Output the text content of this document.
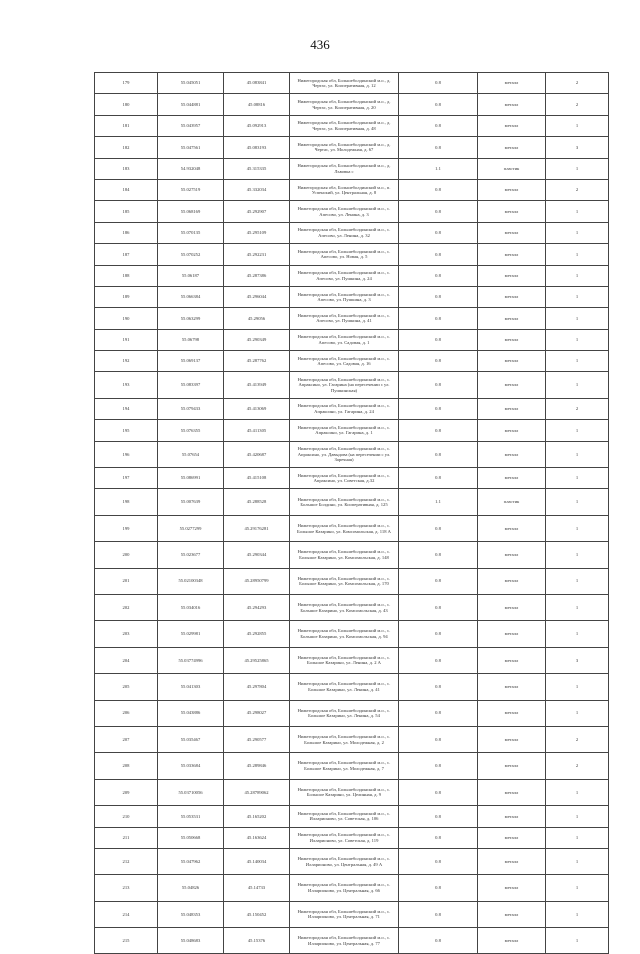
436
179	55.045051	45.083841	Нижегородская обл, Большеболдинский м.о., д. Чертас, ул. Кооперативная, д. 12	0.8	металл	2
180	55.044881	45.08816	Нижегородская обл, Большеболдинский м.о., д. Чертас, ул. Кооперативная, д. 20	0.8	металл	2
181	55.043957	45.092913	Нижегородская обл, Большеболдинский м.о., д. Чертас, ул. Кооперативная, д. 48	0.8	металл	1
182	55.047561	45.083193	Нижегородская обл, Большеболдинский м.о., д. Чертас, ул. Молодежная, д. 67	0.8	металл	3
183	54.932048	45.315335	Нижегородская обл, Большеболдинский м.о., д. Львовка с	1.1	пластик	1
184	55.027519	45.332034	Нижегородская обл, Большеболдинский м.о., п. Успенский, ул. Центральная, д. 8	0.8	металл	2
185	55.068169	45.292907	Нижегородская обл, Большеболдинский м.о., с. Апесово, ул. Ленина, д. 3	0.8	металл	1
186	55.070135	45.295109	Нижегородская обл, Большеболдинский м.о., с. Апесово, ул. Ленина, д. 32	0.8	металл	1
187	55.070252	45.292231	Нижегородская обл, Большеболдинский м.о., с. Апесово, ул. Новая, д. 5	0.8	металл	1
188	55.06187	45.287386	Нижегородская обл, Большеболдинский м.о., с. Апесово, ул. Пушкина, д. 24	0.8	металл	1
189	55.066384	45.296044	Нижегородская обл, Большеболдинский м.о., с. Апесово, ул. Пушкина, д. 3	0.8	металл	1
190	55.063299	45.29056	Нижегородская обл, Большеболдинский м.о., с. Апесово, ул. Пушкина, д. 41	0.8	металл	1
191	55.06798	45.290349	Нижегородская обл, Большеболдинский м.о., с. Апесово, ул. Садовая, д. 1	0.8	металл	1
192	55.069137	45.287762	Нижегородская обл, Большеболдинский м.о., с. Апесово, ул. Садовая, д. 16	0.8	металл	1
193	55.083397	45.413949	Нижегородская обл, Большеболдинский м.о., с. Апраксино, ул. Гагарина (на пересечении с ул. Пушкинская)	0.8	металл	1
194	55.079433	45.413069	Нижегородская обл, Большеболдинский м.о., с. Апраксино, ул. Гагарина, д. 24	0.8	металл	2
195	55.076355	45.411305	Нижегородская обл, Большеболдинский м.о., с. Апраксино, ул. Гагарина, д. 1	0.8	металл	1
196	55.07654	45.420687	Нижегородская обл, Большеболдинский м.о., с. Апраксино, ул. Давыдова (на пересечении с ул. Заречная)	0.8	металл	1
197	55.086991	45.415108	Нижегородская обл, Большеболдинский м.о., с. Апраксино, ул. Советская, д.32	0.8	металл	1
198	55.007639	45.288528	Нижегородская обл, Большеболдинский м.о., с. Большое Болдино, ул. Кооперативная, д. 125	1.1	пластик	1
199	55.0277299	45.29176281	Нижегородская обл, Большеболдинский м.о., с. Большое Казарино, ул. Комсомольская, д. 118 А	0.8	металл	1
200	55.023677	45.290344	Нижегородская обл, Большеболдинский м.о., с. Большое Казарино, ул. Комсомольская, д. 148	0.8	металл	1
201	55.02100348	45.28950799	Нижегородская обл, Большеболдинский м.о., с. Большое Казарино, ул. Комсомольская, д. 170	0.8	металл	1
202	55.034016	45.294293	Нижегородская обл, Большеболдинский м.о., с. Большое Казарино, ул. Комсомольская, д. 43	0.8	металл	1
203	55.029981	45.292855	Нижегородская обл, Большеболдинский м.о., с. Большое Казарино, ул. Комсомольская, д. 94	0.8	металл	1
204	55.03774996	45.29525865	Нижегородская обл, Большеболдинский м.о., с. Большое Казарино, ул. Ленина, д. 2 А	0.8	металл	3
205	55.041303	45.297804	Нижегородская обл, Большеболдинский м.о., с. Большое Казарино, ул. Ленина, д. 41	0.8	металл	1
206	55.043886	45.298027	Нижегородская обл, Большеболдинский м.о., с. Большое Казарино, ул. Ленина, д. 54	0.8	металл	1
207	55.035467	45.290577	Нижегородская обл, Большеболдинский м.о., с. Большое Казарино, ул. Молодежная, д. 2	0.8	металл	2
208	55.033684	45.289846	Нижегородская обл, Большеболдинский м.о., с. Большое Казарино, ул. Молодежная, д. 7	0.8	металл	2
209	55.03710056	45.28789062	Нижегородская обл, Большеболдинский м.о., с. Большое Казарино, ул. Целинная, д. 9	0.8	металл	1
210	55.053531	45.165202	Нижегородская обл, Большеболдинский м.о., с. Илларионово, ул. Советская, д. 106	0.8	металл	1
211	55.050668	45.163624	Нижегородская обл, Большеболдинский м.о., с. Илларионово, ул. Советская, д. 119	0.8	металл	1
212	55.047962	45.140034	Нижегородская обл, Большеболдинский м.о., с. Илларионово, ул. Центральная, д. 49 А	0.8	металл	1
213	55.04826	45.14733	Нижегородская обл, Большеболдинский м.о., с. Илларионово, ул. Центральная, д. 66	0.8	металл	1
214	55.048353	45.150452	Нижегородская обл, Большеболдинский м.о., с. Илларионово, ул. Центральная, д. 71	0.8	металл	1
215	55.048683	45.15376	Нижегородская обл, Большеболдинский м.о., с. Илларионово, ул. Центральная, д. 77	0.8	металл	1
